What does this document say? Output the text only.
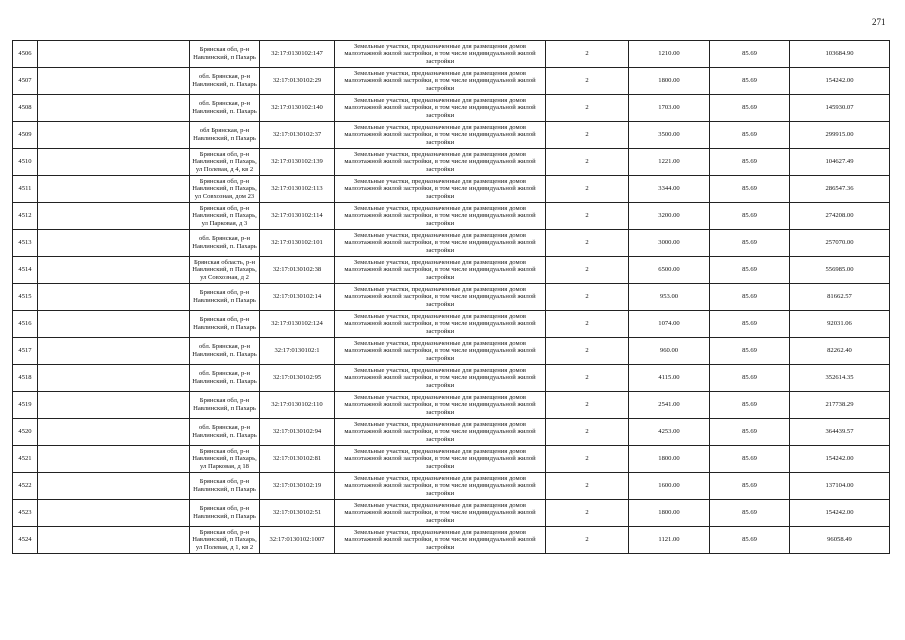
271
4506		Брянская обл, р-н Навлинский, п Пахарь	32:17:0130102:147	Земельные участки, предназначенные для размещения домов малоэтажной жилой застройки, в том числе индивидуальной жилой застройки	2	1210.00	85.69	103684.90
4507		обл. Брянская, р-н Навлинский, п. Пахарь	32:17:0130102:29	Земельные участки, предназначенные для размещения домов малоэтажной жилой застройки, в том числе индивидуальной жилой застройки	2	1800.00	85.69	154242.00
4508		обл. Брянская, р-н Навлинский, п. Пахарь	32:17:0130102:140	Земельные участки, предназначенные для размещения домов малоэтажной жилой застройки, в том числе индивидуальной жилой застройки	2	1703.00	85.69	145930.07
4509		обл Брянская, р-н Навлинский, п Пахарь	32:17:0130102:37	Земельные участки, предназначенные для размещения домов малоэтажной жилой застройки, в том числе индивидуальной жилой застройки	2	3500.00	85.69	299915.00
4510		Брянская обл, р-н Навлинский, п Пахарь, ул Полевая, д 4, кв 2	32:17:0130102:139	Земельные участки, предназначенные для размещения домов малоэтажной жилой застройки, в том числе индивидуальной жилой застройки	2	1221.00	85.69	104627.49
4511		Брянская обл, р-н Навлинский, п Пахарь, ул Совхозная, дом 23	32:17:0130102:113	Земельные участки, предназначенные для размещения домов малоэтажной жилой застройки, в том числе индивидуальной жилой застройки	2	3344.00	85.69	286547.36
4512		Брянская обл, р-н Навлинский, п Пахарь, ул Парковая, д 3	32:17:0130102:114	Земельные участки, предназначенные для размещения домов малоэтажной жилой застройки, в том числе индивидуальной жилой застройки	2	3200.00	85.69	274208.00
4513		обл. Брянская, р-н Навлинский, п. Пахарь	32:17:0130102:101	Земельные участки, предназначенные для размещения домов малоэтажной жилой застройки, в том числе индивидуальной жилой застройки	2	3000.00	85.69	257070.00
4514		Брянская область, р-н Навлинский, п Пахарь, ул Совхозная, д 2	32:17:0130102:38	Земельные участки, предназначенные для размещения домов малоэтажной жилой застройки, в том числе индивидуальной жилой застройки	2	6500.00	85.69	556985.00
4515		Брянская обл, р-н Навлинский, п Пахарь	32:17:0130102:14	Земельные участки, предназначенные для размещения домов малоэтажной жилой застройки, в том числе индивидуальной жилой застройки	2	953.00	85.69	81662.57
4516		Брянская обл, р-н Навлинский, п Пахарь	32:17:0130102:124	Земельные участки, предназначенные для размещения домов малоэтажной жилой застройки, в том числе индивидуальной жилой застройки	2	1074.00	85.69	92031.06
4517		обл. Брянская, р-н Навлинский, п. Пахарь	32:17:0130102:1	Земельные участки, предназначенные для размещения домов малоэтажной жилой застройки, в том числе индивидуальной жилой застройки	2	960.00	85.69	82262.40
4518		обл. Брянская, р-н Навлинский, п. Пахарь	32:17:0130102:95	Земельные участки, предназначенные для размещения домов малоэтажной жилой застройки, в том числе индивидуальной жилой застройки	2	4115.00	85.69	352614.35
4519		Брянская обл, р-н Навлинский, п Пахарь	32:17:0130102:110	Земельные участки, предназначенные для размещения домов малоэтажной жилой застройки, в том числе индивидуальной жилой застройки	2	2541.00	85.69	217738.29
4520		обл. Брянская, р-н Навлинский, п. Пахарь	32:17:0130102:94	Земельные участки, предназначенные для размещения домов малоэтажной жилой застройки, в том числе индивидуальной жилой застройки	2	4253.00	85.69	364439.57
4521		Брянская обл, р-н Навлинский, п Пахарь, ул Парковая, д 18	32:17:0130102:81	Земельные участки, предназначенные для размещения домов малоэтажной жилой застройки, в том числе индивидуальной жилой застройки	2	1800.00	85.69	154242.00
4522		Брянская обл, р-н Навлинский, п Пахарь	32:17:0130102:19	Земельные участки, предназначенные для размещения домов малоэтажной жилой застройки, в том числе индивидуальной жилой застройки	2	1600.00	85.69	137104.00
4523		Брянская обл, р-н Навлинский, п Пахарь	32:17:0130102:51	Земельные участки, предназначенные для размещения домов малоэтажной жилой застройки, в том числе индивидуальной жилой застройки	2	1800.00	85.69	154242.00
4524		Брянская обл, р-н Навлинский, п Пахарь, ул Полевая, д 1, кв 2	32:17:0130102:1007	Земельные участки, предназначенные для размещения домов малоэтажной жилой застройки, в том числе индивидуальной жилой застройки	2	1121.00	85.69	96058.49
